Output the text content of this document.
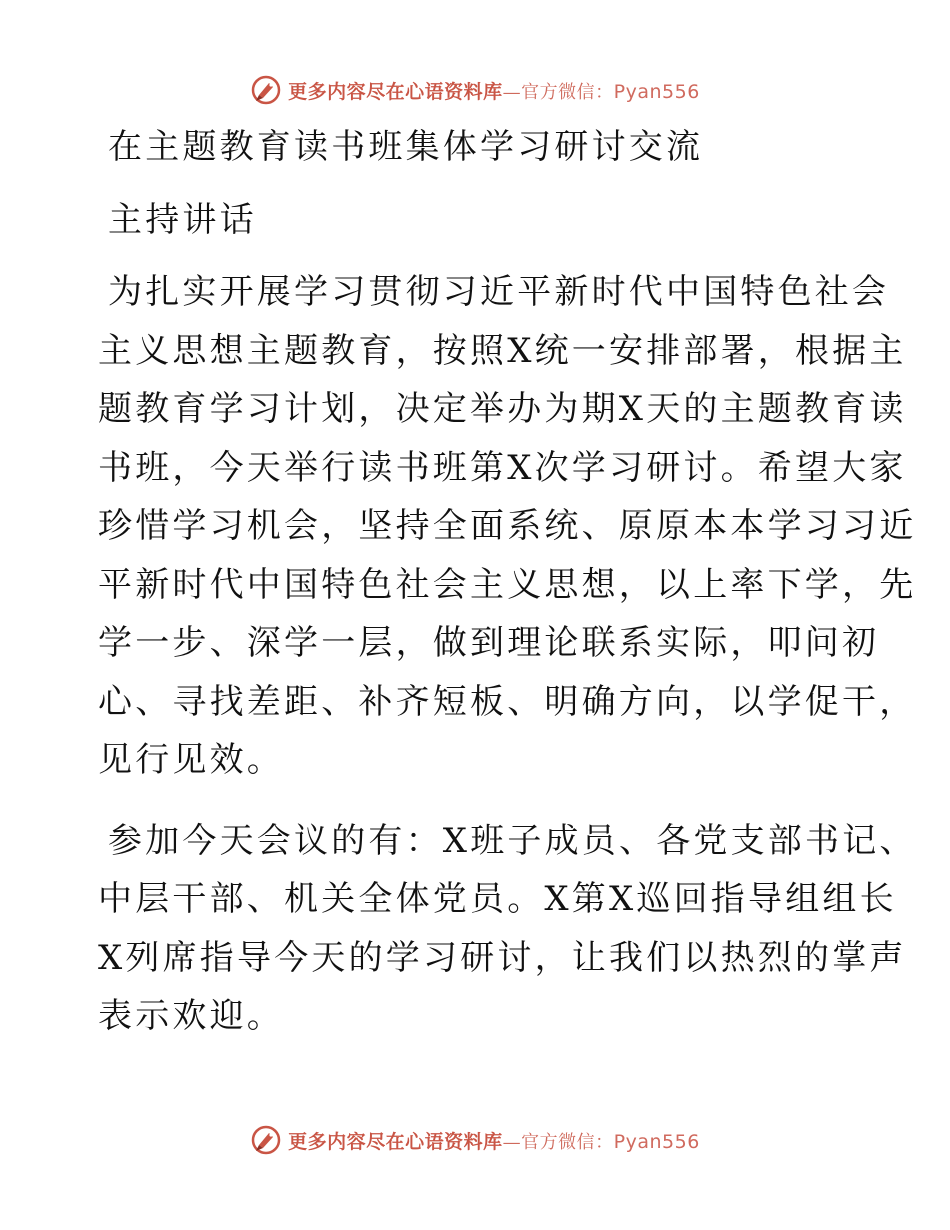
更多内容尽在心语资料库—官方微信：Pyan556

在主题教育读书班集体学习研讨交流

主持讲话

为扎实开展学习贯彻习近平新时代中国特色社会
主义思想主题教育，按照X统一安排部署，根据主
题教育学习计划，决定举办为期X天的主题教育读
书班，今天举行读书班第X次学习研讨。希望大家
珍惜学习机会，坚持全面系统、原原本本学习习近
平新时代中国特色社会主义思想，以上率下学，先
学一步、深学一层，做到理论联系实际，叩问初
心、寻找差距、补齐短板、明确方向，以学促干，
见行见效。

参加今天会议的有：X班子成员、各党支部书记、
中层干部、机关全体党员。X第X巡回指导组组长
X列席指导今天的学习研讨，让我们以热烈的掌声
表示欢迎。

更多内容尽在心语资料库—官方微信：Pyan556
